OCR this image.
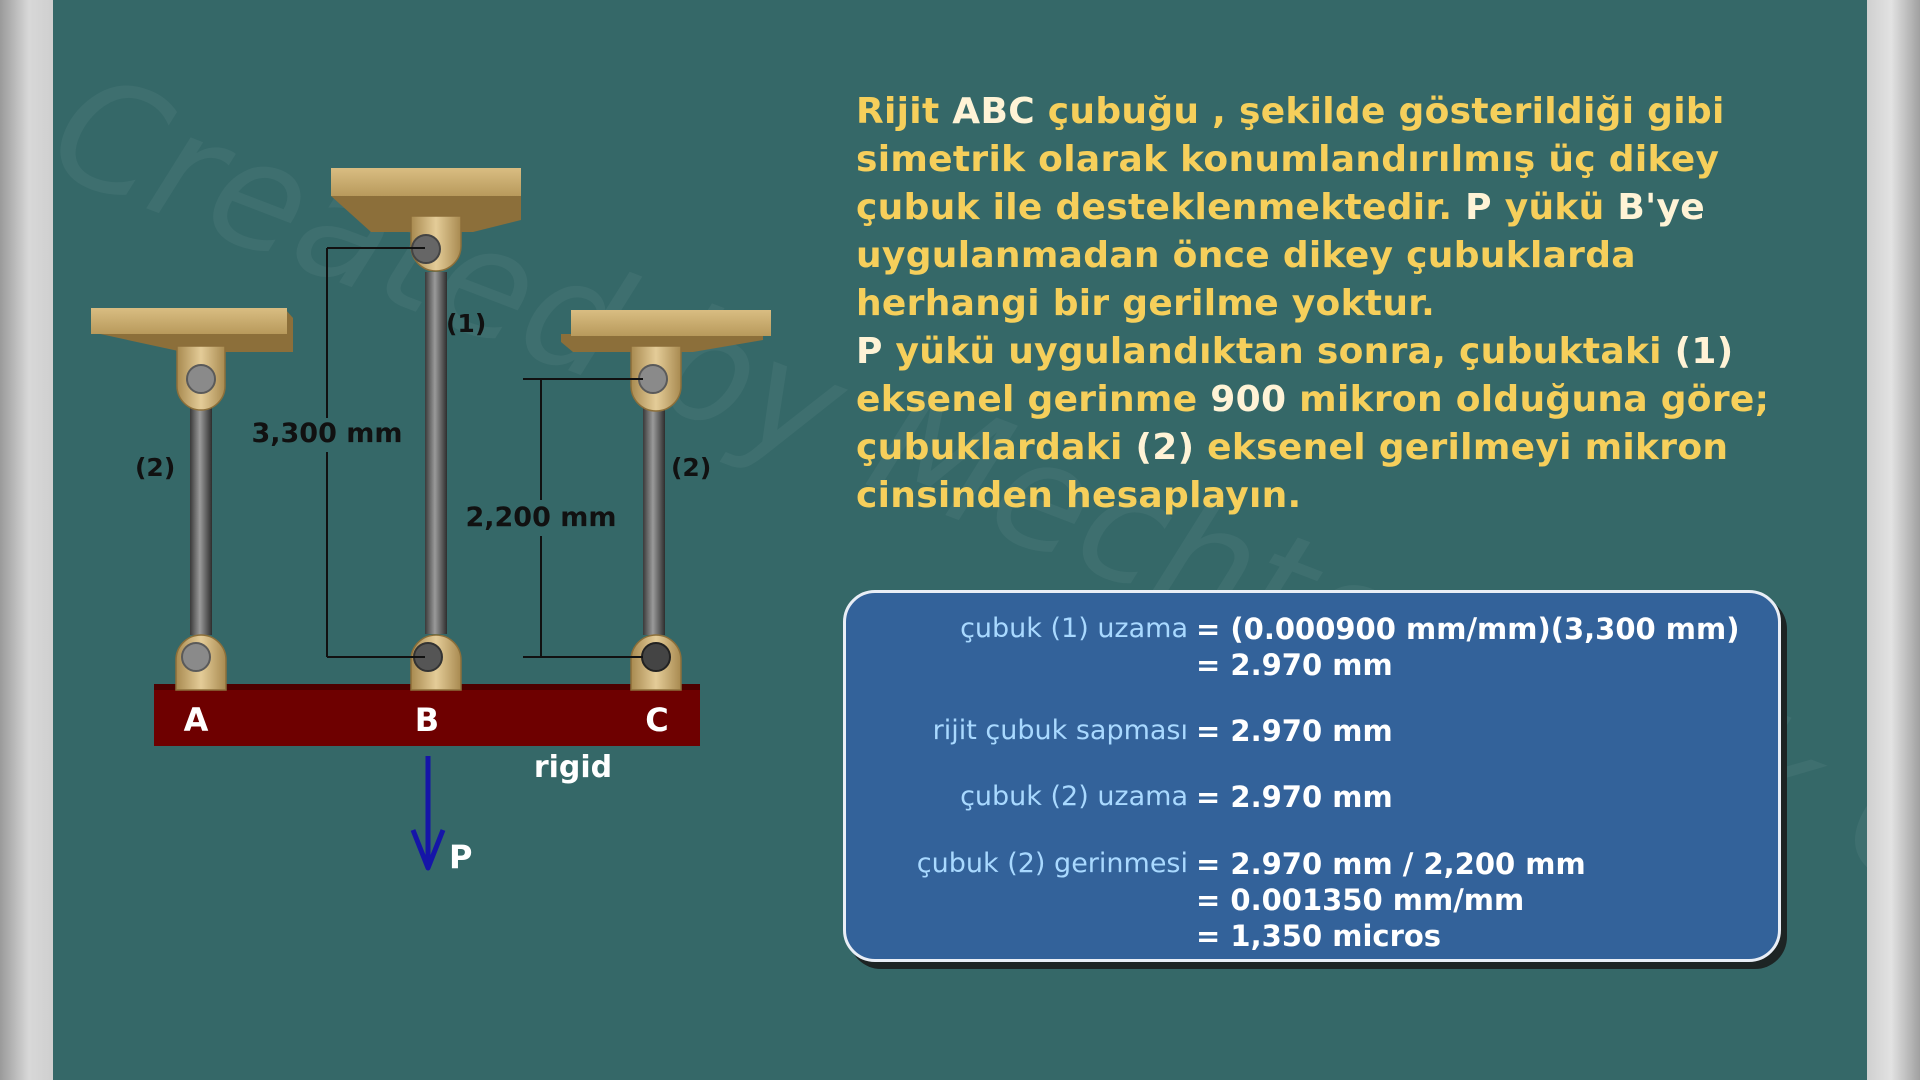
(1)
(2)	(2)
3,300 mm
2,200 mm
A	B	C
rigid
P
Rijit ABC çubuğu , şekilde gösterildiği gibi
simetrik olarak konumlandırılmış üç dikey
çubuk ile desteklenmektedir. P yükü B'ye
uygulanmadan önce dikey çubuklarda
herhangi bir gerilme yoktur.
P yükü uygulandıktan sonra, çubuktaki (1)
eksenel gerinme 900 mikron olduğuna göre;
çubuklardaki (2) eksenel gerilmeyi mikron
cinsinden hesaplayın.
çubuk (1) uzama = (0.000900 mm/mm)(3,300 mm)
= 2.970 mm
rijit çubuk sapması = 2.970 mm
çubuk (2) uzama = 2.970 mm
çubuk (2) gerinmesi = 2.970 mm / 2,200 mm
= 0.001350 mm/mm
= 1,350 micros
